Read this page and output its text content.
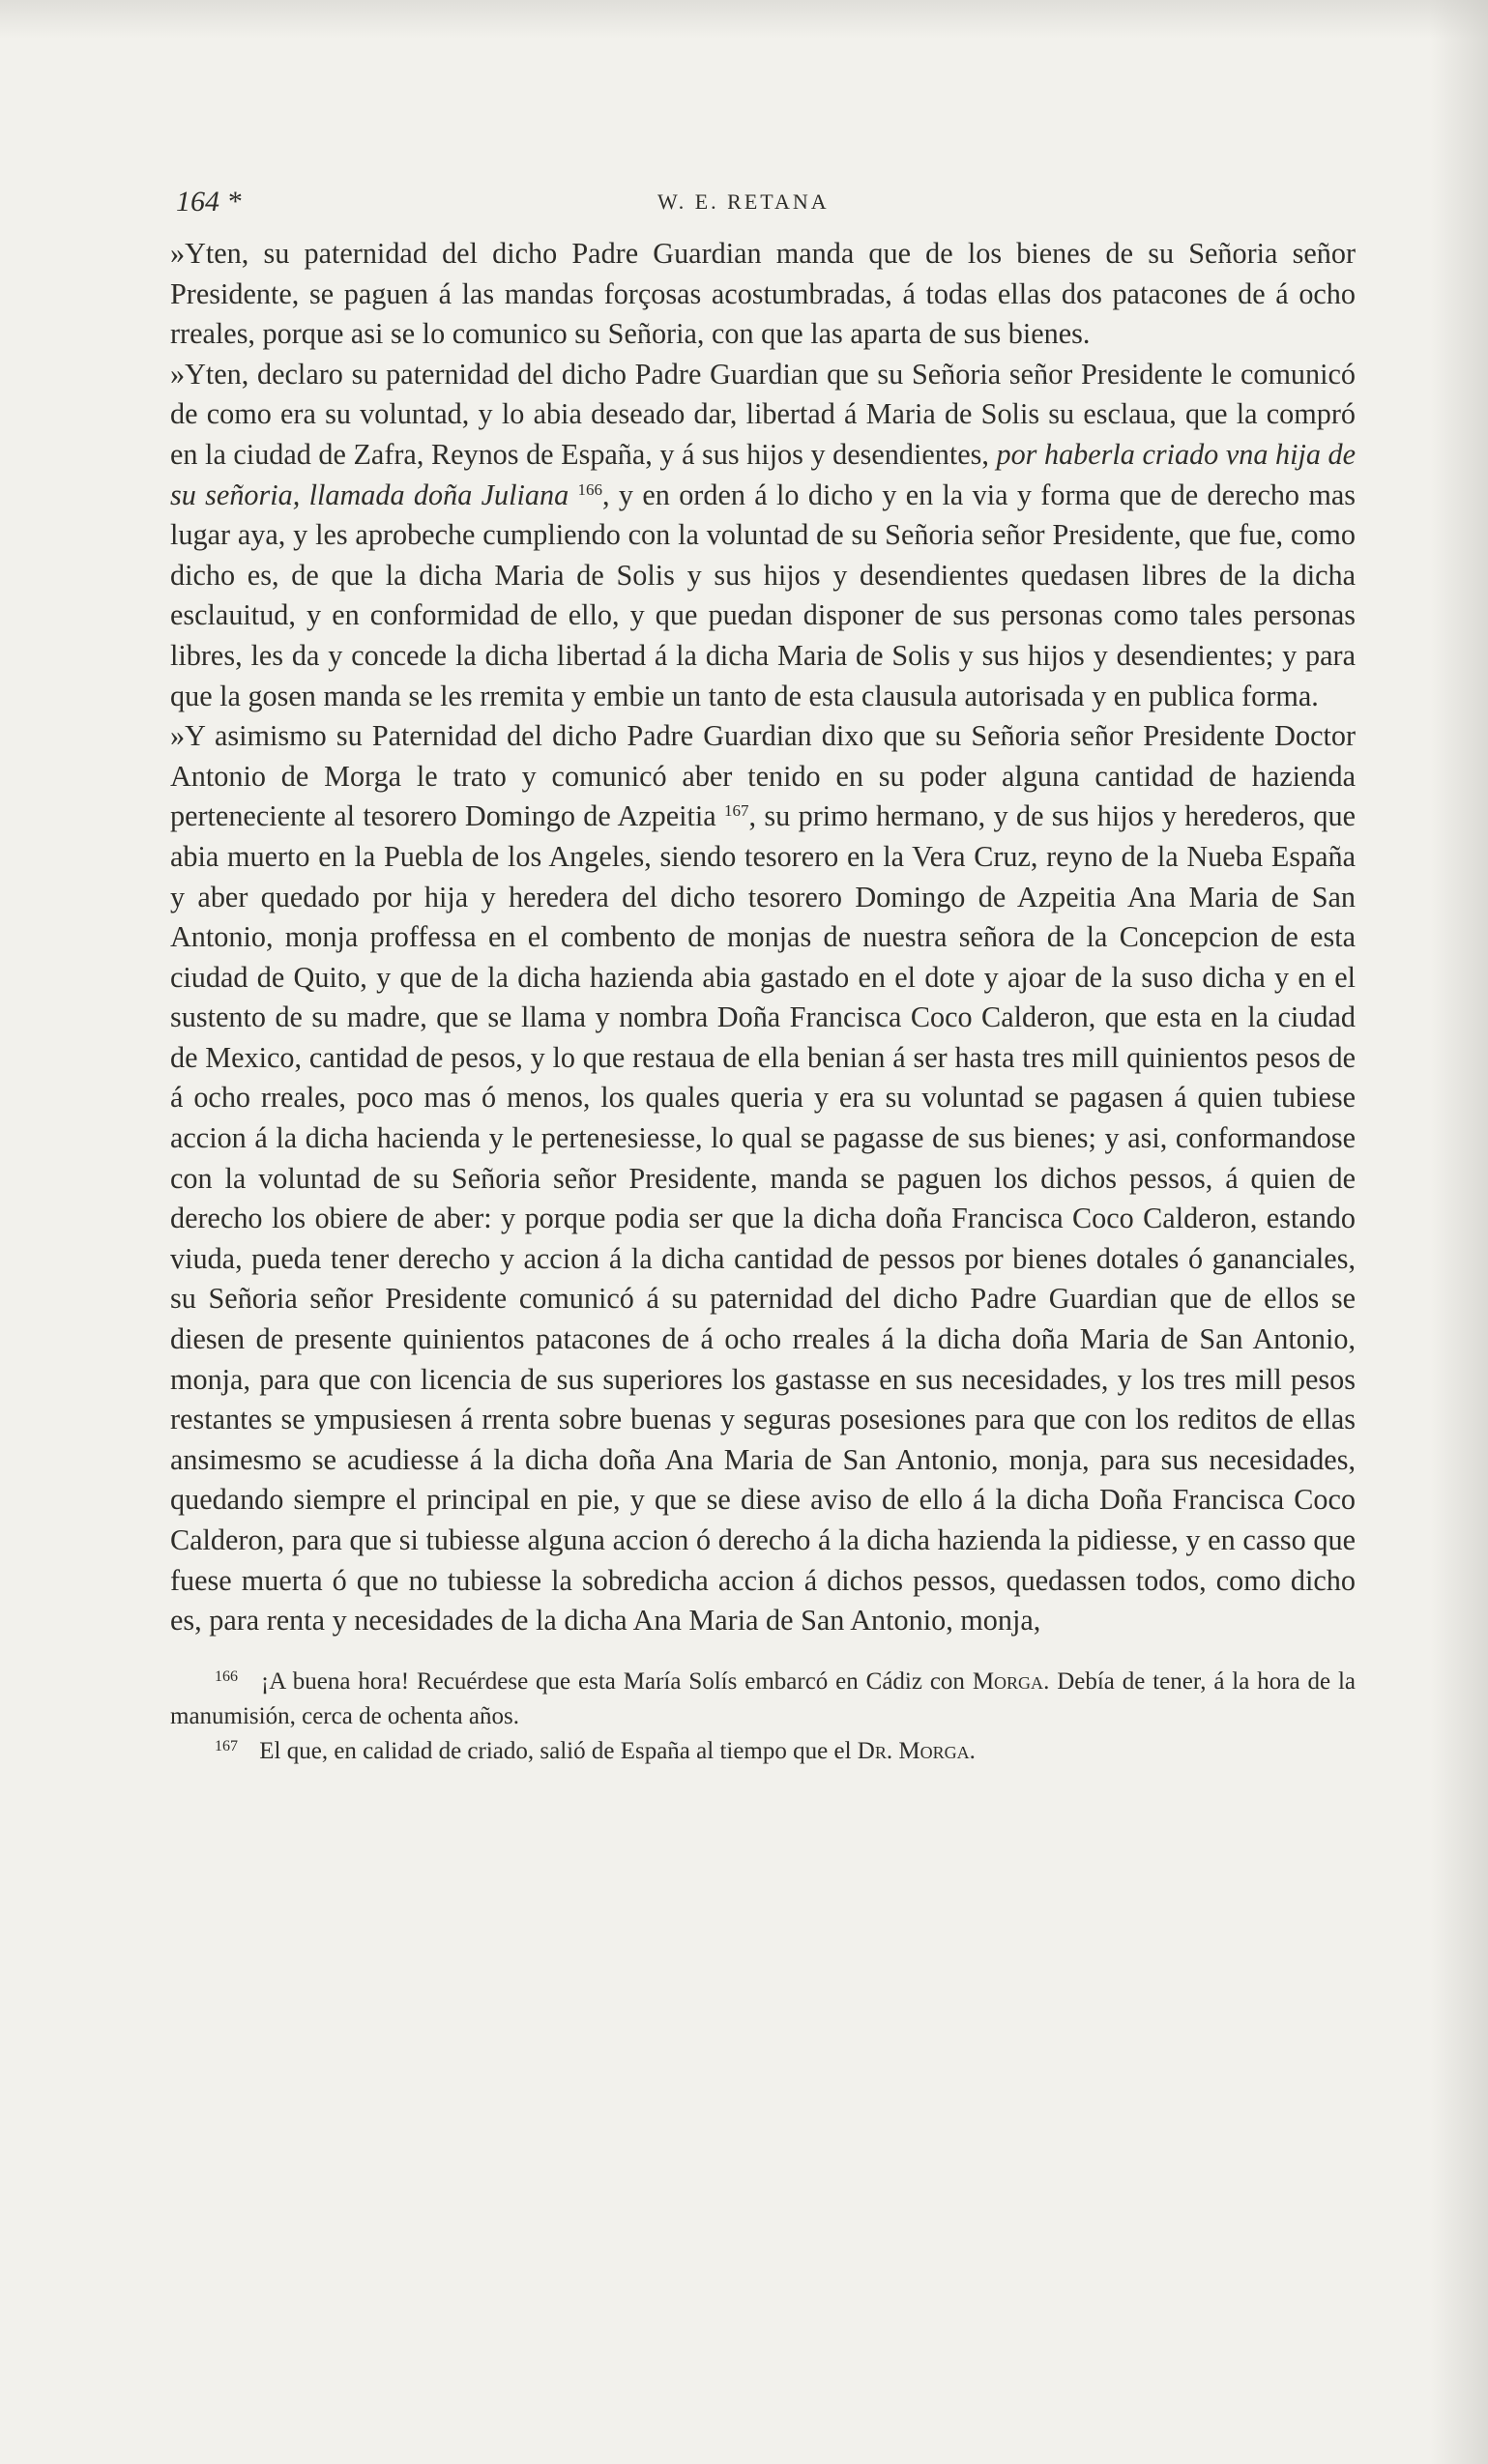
164 *	W. E. RETANA

»Yten, su paternidad del dicho Padre Guardian manda que de los bienes de su Señoria señor Presidente, se paguen á las mandas forçosas acostumbradas, á todas ellas dos patacones de á ocho rreales, porque asi se lo comunico su Señoria, con que las aparta de sus bienes.

»Yten, declaro su paternidad del dicho Padre Guardian que su Señoria señor Presidente le comunicó de como era su voluntad, y lo abia deseado dar, libertad á Maria de Solis su esclaua, que la compró en la ciudad de Zafra, Reynos de España, y á sus hijos y desendientes, por haberla criado vna hija de su señoria, llamada doña Juliana $^{166}$, y en orden á lo dicho y en la via y forma que de derecho mas lugar aya, y les aprobeche cumpliendo con la voluntad de su Señoria señor Presidente, que fue, como dicho es, de que la dicha Maria de Solis y sus hijos y desendientes quedasen libres de la dicha esclauitud, y en conformidad de ello, y que puedan disponer de sus personas como tales personas libres, les da y concede la dicha libertad á la dicha Maria de Solis y sus hijos y desendientes; y para que la gosen manda se les rremita y embie un tanto de esta clausula autorisada y en publica forma.

»Y asimismo su Paternidad del dicho Padre Guardian dixo que su Señoria señor Presidente Doctor Antonio de Morga le trato y comunicó aber tenido en su poder alguna cantidad de hazienda perteneciente al tesorero Domingo de Azpeitia $^{167}$, su primo hermano, y de sus hijos y herederos, que abia muerto en la Puebla de los Angeles, siendo tesorero en la Vera Cruz, reyno de la Nueba España y aber quedado por hija y heredera del dicho tesorero Domingo de Azpeitia Ana Maria de San Antonio, monja proffessa en el combento de monjas de nuestra señora de la Concepcion de esta ciudad de Quito, y que de la dicha hazienda abia gastado en el dote y ajoar de la suso dicha y en el sustento de su madre, que se llama y nombra Doña Francisca Coco Calderon, que esta en la ciudad de Mexico, cantidad de pesos, y lo que restaua de ella benian á ser hasta tres mill quinientos pesos de á ocho rreales, poco mas ó menos, los quales queria y era su voluntad se pagasen á quien tubiese accion á la dicha hacienda y le pertenesiesse, lo qual se pagasse de sus bienes; y asi, conformandose con la voluntad de su Señoria señor Presidente, manda se paguen los dichos pessos, á quien de derecho los obiere de aber: y porque podia ser que la dicha doña Francisca Coco Calderon, estando viuda, pueda tener derecho y accion á la dicha cantidad de pessos por bienes dotales ó gananciales, su Señoria señor Presidente comunicó á su paternidad del dicho Padre Guardian que de ellos se diesen de presente quinientos patacones de á ocho rreales á la dicha doña Maria de San Antonio, monja, para que con licencia de sus superiores los gastasse en sus necesidades, y los tres mill pesos restantes se ympusiesen á rrenta sobre buenas y seguras posesiones para que con los reditos de ellas ansimesmo se acudiesse á la dicha doña Ana Maria de San Antonio, monja, para sus necesidades, quedando siempre el principal en pie, y que se diese aviso de ello á la dicha Doña Francisca Coco Calderon, para que si tubiesse alguna accion ó derecho á la dicha hazienda la pidiesse, y en casso que fuese muerta ó que no tubiesse la sobredicha accion á dichos pessos, quedassen todos, como dicho es, para renta y necesidades de la dicha Ana Maria de San Antonio, monja,

$^{166}$ ¡A buena hora! Recuérdese que esta María Solís embarcó en Cádiz con Morga. Debía de tener, á la hora de la manumisión, cerca de ochenta años.

$^{167}$ El que, en calidad de criado, salió de España al tiempo que el Dr. Morga.
